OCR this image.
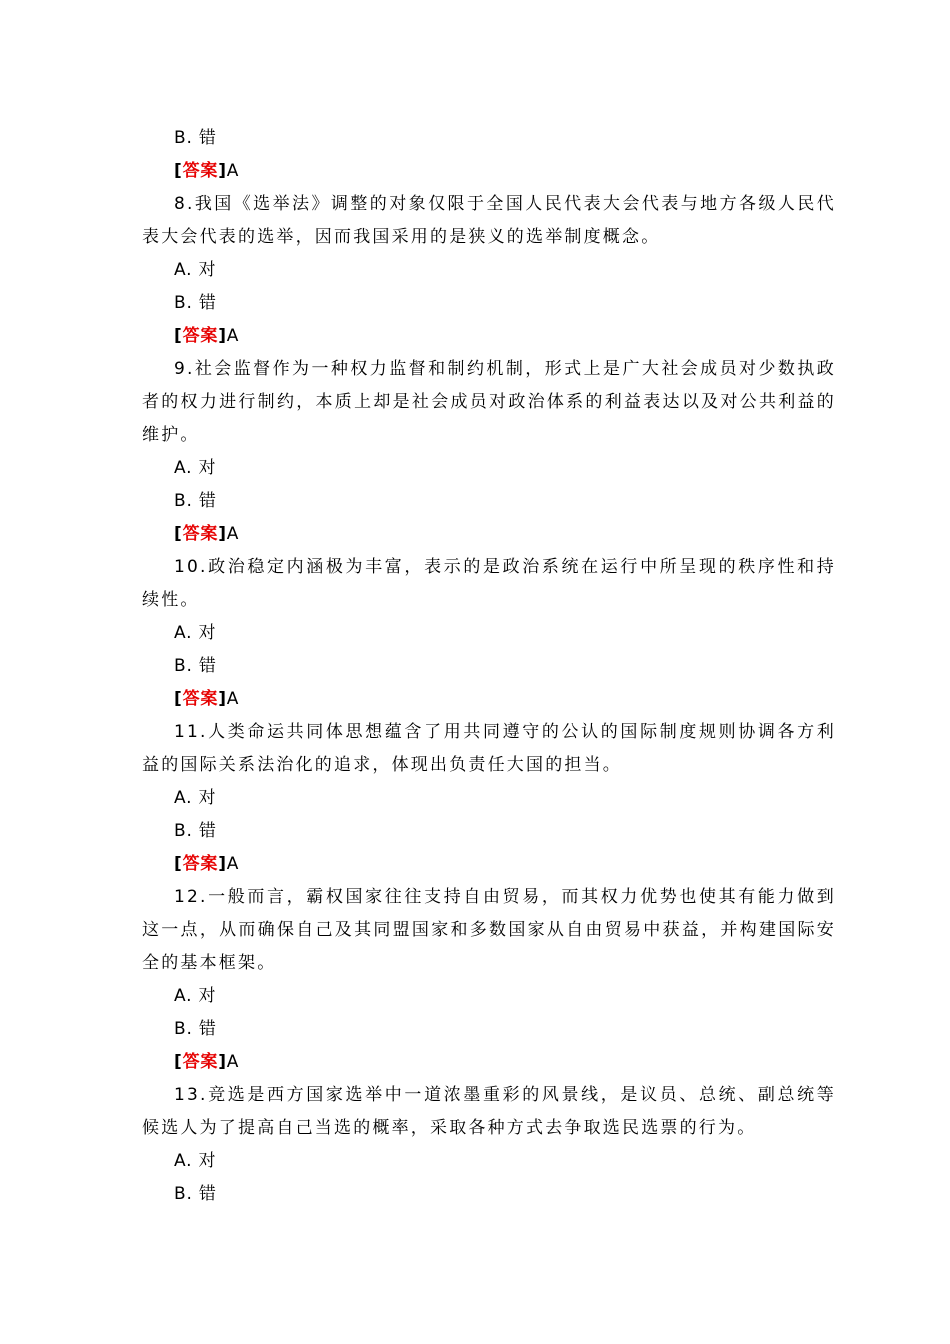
B. 错
[答案]A

8.我国《选举法》调整的对象仅限于全国人民代表大会代表与地方各级人民代表大会代表的选举，因而我国采用的是狭义的选举制度概念。

A. 对
B. 错
[答案]A

9.社会监督作为一种权力监督和制约机制，形式上是广大社会成员对少数执政者的权力进行制约，本质上却是社会成员对政治体系的利益表达以及对公共利益的维护。

A. 对
B. 错
[答案]A

10.政治稳定内涵极为丰富，表示的是政治系统在运行中所呈现的秩序性和持续性。

A. 对
B. 错
[答案]A

11.人类命运共同体思想蕴含了用共同遵守的公认的国际制度规则协调各方利益的国际关系法治化的追求，体现出负责任大国的担当。

A. 对
B. 错
[答案]A

12.一般而言，霸权国家往往支持自由贸易，而其权力优势也使其有能力做到这一点，从而确保自己及其同盟国家和多数国家从自由贸易中获益，并构建国际安全的基本框架。

A. 对
B. 错
[答案]A

13.竞选是西方国家选举中一道浓墨重彩的风景线，是议员、总统、副总统等候选人为了提高自己当选的概率，采取各种方式去争取选民选票的行为。

A. 对
B. 错
